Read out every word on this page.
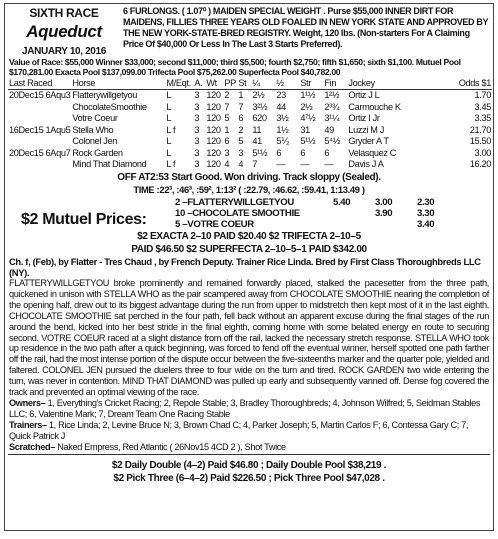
SIXTH RACE
Aqueduct
JANUARY 10, 2016
6 FURLONGS. ( 1.07⁰ ) MAIDEN SPECIAL WEIGHT . Purse $55,000 INNER DIRT FOR MAIDENS, FILLIES THREE YEARS OLD FOALED IN NEW YORK STATE AND APPROVED BY THE NEW YORK-STATE-BRED REGISTRY. Weight, 120 lbs. (Non-starters For A Claiming Price Of $40,000 Or Less In The Last 3 Starts Preferred).
Value of Race: $55,000 Winner $33,000; second $11,000; third $5,500; fourth $2,750; fifth $1,650; sixth $1,100. Mutuel Pool $170,281.00 Exacta Pool $137,099.00 Trifecta Pool $75,262.00 Superfecta Pool $40,782.00
Last Raced	Horse	M/Eqt.	A.	Wt	PP	St	¼	½	Str	Fin	Jockey	Odds $1
20Dec15 6Aqu3	Flatterywillgetyou	L	3	120	2	1	2½	23	1¹½	1²½	Ortiz J L	1.70
	ChocolateSmoothie	L	3	120	7	7	3²½	44	2½	2³¾	Carmouche K	3.45
	Votre Coeur	L	3	120	5	6	620	3½	4⁷½	3¹¼	Ortiz I Jr	3.35
16Dec15 1Aqu5	Stella Who	L f	3	120	1	2	11	1½	31	49	Luzzi M J	21.70
	Colonel Jen	L	3	120	6	5	41	5⅟₂	5¹½	5⁴½	Gryder A T	15.50
20Dec15 6Aqu7	Rock Garden	L	3	120	3	3	5¹½	6	6	6	Velasquez C	3.00
	Mind That Diamond	L f	3	120	4	4	7	—	—	—	Davis J A	16.20
OFF AT2:53 Start Good. Won driving. Track sloppy (Sealed).
TIME :22³, :46³, :59², 1:13² ( :22.79, :46.62, :59.41, 1:13.49 )
$2 Mutuel Prices:
2 –FLATTERYWILLGETYOU	5.40	3.00	2.30
10 –CHOCOLATE SMOOTHIE		3.90	3.30
5 –VOTRE COEUR			3.40
$2 EXACTA 2–10 PAID $20.40 $2 TRIFECTA 2–10–5
PAID $46.50 $2 SUPERFECTA 2–10–5–1 PAID $342.00
Ch. f, (Feb), by Flatter - Tres Chaud , by French Deputy. Trainer Rice Linda. Bred by First Class Thoroughbreds LLC (NY).
FLATTERYWILLGETYOU broke prominently and remained forwardly placed, stalked the pacesetter from the three path, quickened in unison with STELLA WHO as the pair scampered away from CHOCOLATE SMOOTHIE nearing the completion of the opening half, drew out to its biggest advantage during the run from upper to midstretch then kept most of it in the last eighth. CHOCOLATE SMOOTHIE sat perched in the four path, fell back without an apparent excuse during the final stages of the run around the bend, kicked into her best stride in the final eighth, coming home with some belated energy en route to securing second. VOTRE COEUR raced at a slight distance from off the rail, lacked the necessary stretch response. STELLA WHO took up residence in the two path after a quick beginning, was forced to fend off the eventual winner, herself spotted one path farther off the rail, had the most intense portion of the dispute occur between the five-sixteenths marker and the quarter pole, yielded and faltered. COLONEL JEN pursued the duelers three to four wide on the turn and tired. ROCK GARDEN two wide entering the turn, was never in contention. MIND THAT DIAMOND was pulled up early and subsequently vanned off. Dense fog covered the track and prevented an optimal viewing of the race.
Owners– 1, Everything's Cricket Racing; 2, Repole Stable; 3, Bradley Thoroughbreds; 4, Johnson Wilfred; 5, Seidman Stables LLC; 6, Valentine Mark; 7, Dream Team One Racing Stable
Trainers– 1, Rice Linda; 2, Levine Bruce N; 3, Brown Chad C; 4, Parker Joseph; 5, Martin Carlos F; 6, Contessa Gary C; 7, Quick Patrick J
Scratched– Naked Empress, Red Atlantic ( 26Nov15 4CD 2 ), Shot Twice
$2 Daily Double (4–2) Paid $46.80 ; Daily Double Pool $38,219 .
$2 Pick Three (6–4–2) Paid $226.50 ; Pick Three Pool $47,028 .
